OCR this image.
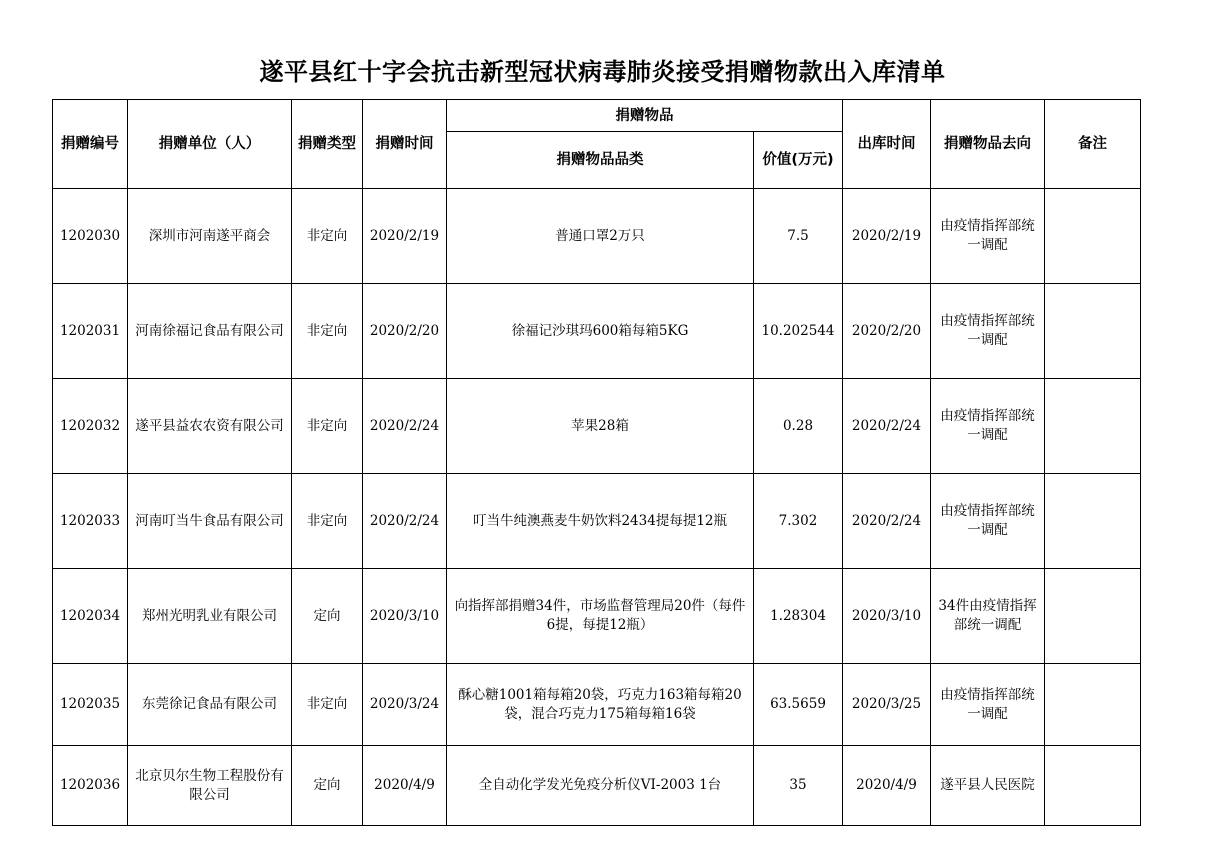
遂平县红十字会抗击新型冠状病毒肺炎接受捐赠物款出入库清单
捐赠编号	捐赠单位（人）	捐赠类型	捐赠时间	捐赠物品		出库时间	捐赠物品去向	备注
				捐赠物品品类	价值(万元)			
1202030	深圳市河南遂平商会	非定向	2020/2/19	普通口罩2万只	7.5	2020/2/19	由疫情指挥部统一调配	
1202031	河南徐福记食品有限公司	非定向	2020/2/20	徐福记沙琪玛600箱每箱5KG	10.202544	2020/2/20	由疫情指挥部统一调配	
1202032	遂平县益农农资有限公司	非定向	2020/2/24	苹果28箱	0.28	2020/2/24	由疫情指挥部统一调配	
1202033	河南叮当牛食品有限公司	非定向	2020/2/24	叮当牛纯澳燕麦牛奶饮料2434提每提12瓶	7.302	2020/2/24	由疫情指挥部统一调配	
1202034	郑州光明乳业有限公司	定向	2020/3/10	向指挥部捐赠34件，市场监督管理局20件（每件6提，每提12瓶）	1.28304	2020/3/10	34件由疫情指挥部统一调配	
1202035	东莞徐记食品有限公司	非定向	2020/3/24	酥心糖1001箱每箱20袋，巧克力163箱每箱20袋，混合巧克力175箱每箱16袋	63.5659	2020/3/25	由疫情指挥部统一调配	
1202036	北京贝尔生物工程股份有限公司	定向	2020/4/9	全自动化学发光免疫分析仪VI-2003 1台	35	2020/4/9	遂平县人民医院	
